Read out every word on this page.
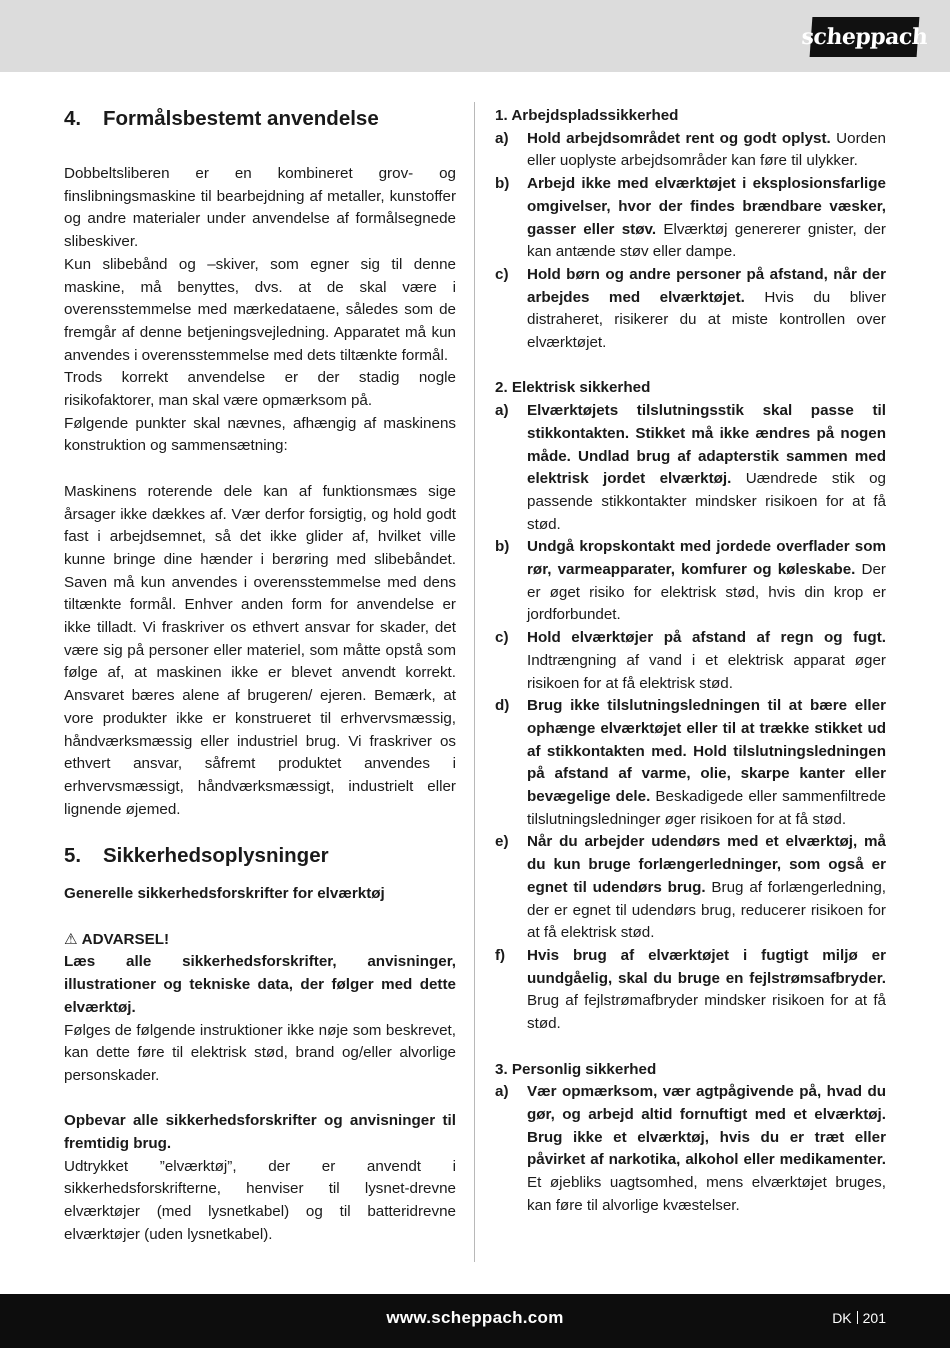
scheppach
4.	Formålsbestemt anvendelse

Dobbeltsliberen er en kombineret grov- og finslibningsmaskine til bearbejdning af metaller, kunstoffer og andre materialer under anvendelse af formålsegnede slibeskiver.

Kun slibebånd og –skiver, som egner sig til denne maskine, må benyttes, dvs. at de skal være i overensstemmelse med mærkedataene, således som de fremgår af denne betjeningsvejledning. Apparatet må kun anvendes i overensstemmelse med dets tiltænkte formål.

Trods korrekt anvendelse er der stadig nogle risikofaktorer, man skal være opmærksom på.

Følgende punkter skal nævnes, afhængig af maskinens konstruktion og sammensætning:

Maskinens roterende dele kan af funktionsmæs sige årsager ikke dækkes af. Vær derfor forsigtig, og hold godt fast i arbejdsemnet, så det ikke glider af, hvilket ville kunne bringe dine hænder i berøring med slibebåndet. Saven må kun anvendes i overensstemmelse med dens tiltænkte formål. Enhver anden form for anvendelse er ikke tilladt. Vi fraskriver os ethvert ansvar for skader, det være sig på personer eller materiel, som måtte opstå som følge af, at maskinen ikke er blevet anvendt korrekt. Ansvaret bæres alene af brugeren/ ejeren. Bemærk, at vore produkter ikke er konstrueret til erhvervsmæssig, håndværksmæssig eller industriel brug. Vi fraskriver os ethvert ansvar, såfremt produktet anvendes i erhvervsmæssigt, håndværksmæssigt, industrielt eller lignende øjemed.

5.	Sikkerhedsoplysninger

Generelle sikkerhedsforskrifter for elværktøj

⚠ ADVARSEL!

Læs alle sikkerhedsforskrifter, anvisninger, illustrationer og tekniske data, der følger med dette elværktøj.

Følges de følgende instruktioner ikke nøje som beskrevet, kan dette føre til elektrisk stød, brand og/eller alvorlige personskader.

Opbevar alle sikkerhedsforskrifter og anvisninger til fremtidig brug.

Udtrykket ”elværktøj”, der er anvendt i sikkerhedsforskrifterne, henviser til lysnet-drevne elværktøjer (med lysnetkabel) og til batteridrevne elværktøjer (uden lysnetkabel).

1. Arbejdspladssikkerhed

a)	Hold arbejdsområdet rent og godt oplyst. Uorden eller uoplyste arbejdsområder kan føre til ulykker.
b)	Arbejd ikke med elværktøjet i eksplosionsfarlige omgivelser, hvor der findes brændbare væsker, gasser eller støv. Elværktøj genererer gnister, der kan antænde støv eller dampe.
c)	Hold børn og andre personer på afstand, når der arbejdes med elværktøjet. Hvis du bliver distraheret, risikerer du at miste kontrollen over elværktøjet.

2. Elektrisk sikkerhed

a)	Elværktøjets tilslutningsstik skal passe til stikkontakten. Stikket må ikke ændres på nogen måde. Undlad brug af adapterstik sammen med elektrisk jordet elværktøj. Uændrede stik og passende stikkontakter mindsker risikoen for at få stød.
b)	Undgå kropskontakt med jordede overflader som rør, varmeapparater, komfurer og køleskabe. Der er øget risiko for elektrisk stød, hvis din krop er jordforbundet.
c)	Hold elværktøjer på afstand af regn og fugt. Indtrængning af vand i et elektrisk apparat øger risikoen for at få elektrisk stød.
d)	Brug ikke tilslutningsledningen til at bære eller ophænge elværktøjet eller til at trække stikket ud af stikkontakten med. Hold tilslutningsledningen på afstand af varme, olie, skarpe kanter eller bevægelige dele. Beskadigede eller sammenfiltrede tilslutningsledninger øger risikoen for at få stød.
e)	Når du arbejder udendørs med et elværktøj, må du kun bruge forlængerledninger, som også er egnet til udendørs brug. Brug af forlængerledning, der er egnet til udendørs brug, reducerer risikoen for at få elektrisk stød.
f)	Hvis brug af elværktøjet i fugtigt miljø er uundgåelig, skal du bruge en fejlstrømsafbryder. Brug af fejlstrømafbryder mindsker risikoen for at få stød.

3. Personlig sikkerhed

a)	Vær opmærksom, vær agtpågivende på, hvad du gør, og arbejd altid fornuftigt med et elværktøj. Brug ikke et elværktøj, hvis du er træt eller påvirket af narkotika, alkohol eller medikamenter. Et øjebliks uagtsomhed, mens elværktøjet bruges, kan føre til alvorlige kvæstelser.
www.scheppach.com	DK 201
